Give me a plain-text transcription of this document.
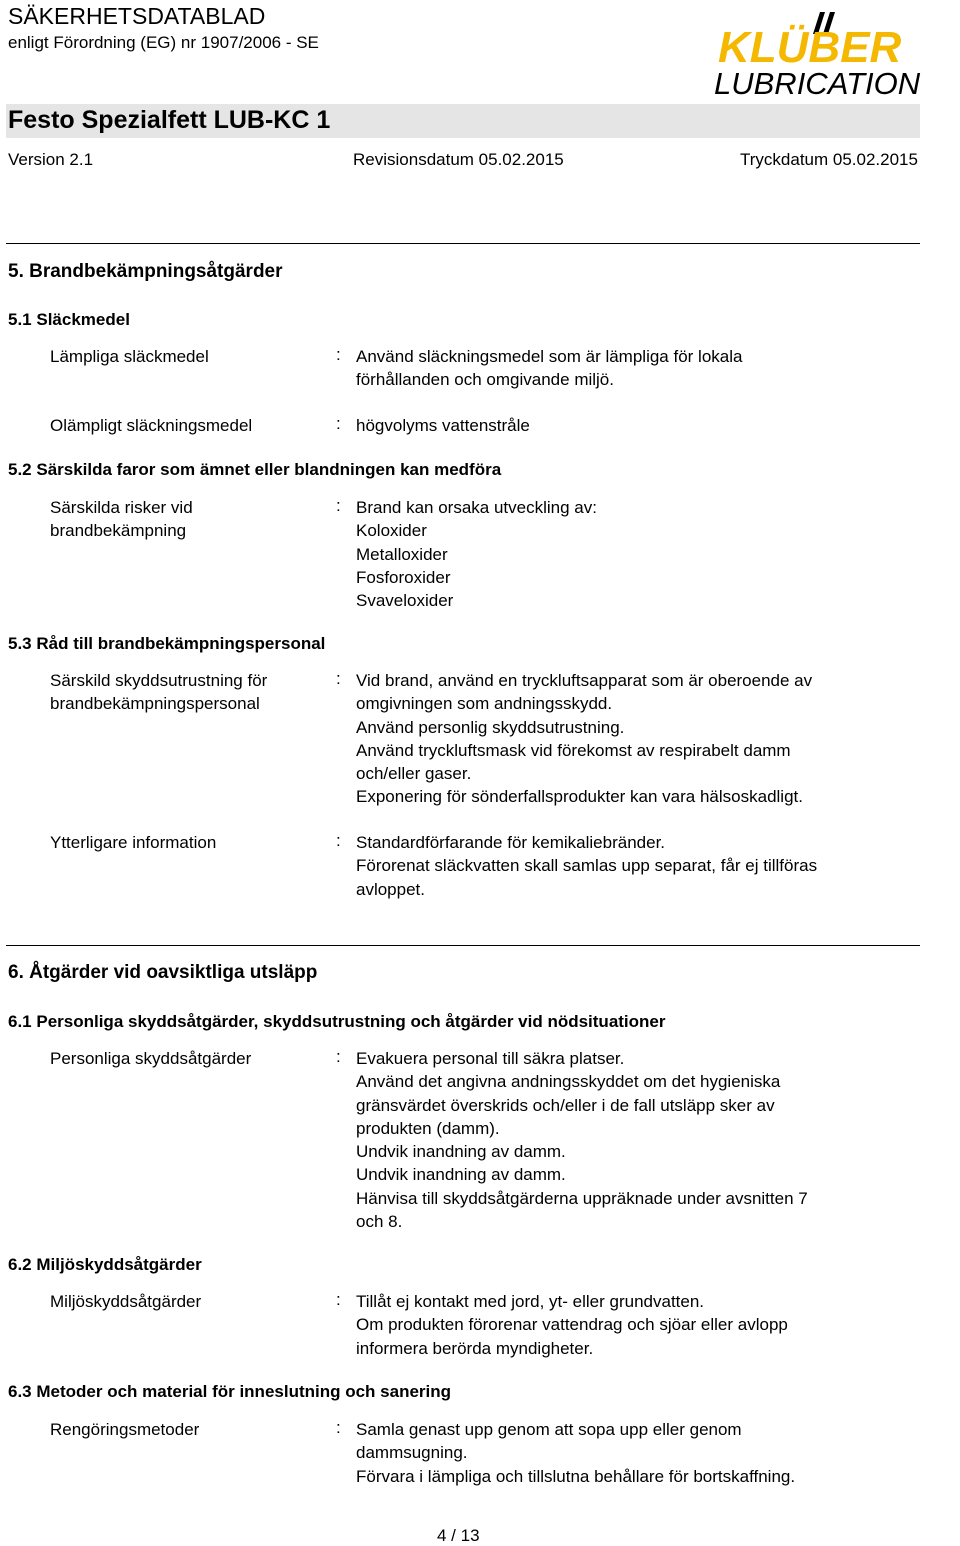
SÄKERHETSDATABLAD
enligt Förordning (EG) nr 1907/2006 - SE	KLÜBER
LUBRICATION
Festo Spezialfett LUB-KC 1
Version 2.1	Revisionsdatum 05.02.2015	Tryckdatum 05.02.2015
5. Brandbekämpningsåtgärder
5.1 Släckmedel
Lämpliga släckmedel	: Använd släckningsmedel som är lämpliga för lokala
förhållanden och omgivande miljö.
Olämpligt släckningsmedel	: högvolyms vattenstråle
5.2 Särskilda faror som ämnet eller blandningen kan medföra
Särskilda risker vid
brandbekämpning
: Brand kan orsaka utveckling av:
Koloxider
Metalloxider
Fosforoxider
Svaveloxider
5.3 Råd till brandbekämpningspersonal
Särskild skyddsutrustning för
brandbekämpningspersonal
: Vid brand, använd en tryckluftsapparat som är oberoende av
omgivningen som andningsskydd.
Använd personlig skyddsutrustning.
Använd tryckluftsmask vid förekomst av respirabelt damm
och/eller gaser.
Exponering för sönderfallsprodukter kan vara hälsoskadligt.
Ytterligare information	: Standardförfarande för kemikaliebränder.
Förorenat släckvatten skall samlas upp separat, får ej tillföras
avloppet.
6. Åtgärder vid oavsiktliga utsläpp
6.1 Personliga skyddsåtgärder, skyddsutrustning och åtgärder vid nödsituationer
Personliga skyddsåtgärder	: Evakuera personal till säkra platser.
Använd det angivna andningsskyddet om det hygieniska
gränsvärdet överskrids och/eller i de fall utsläpp sker av
produkten (damm).
Undvik inandning av damm.
Undvik inandning av damm.
Hänvisa till skyddsåtgärderna uppräknade under avsnitten 7
och 8.
6.2 Miljöskyddsåtgärder
Miljöskyddsåtgärder	: Tillåt ej kontakt med jord, yt- eller grundvatten.
Om produkten förorenar vattendrag och sjöar eller avlopp
informera berörda myndigheter.
6.3 Metoder och material för inneslutning och sanering
Rengöringsmetoder	: Samla genast upp genom att sopa upp eller genom
dammsugning.
Förvara i lämpliga och tillslutna behållare för bortskaffning.
4 / 13
